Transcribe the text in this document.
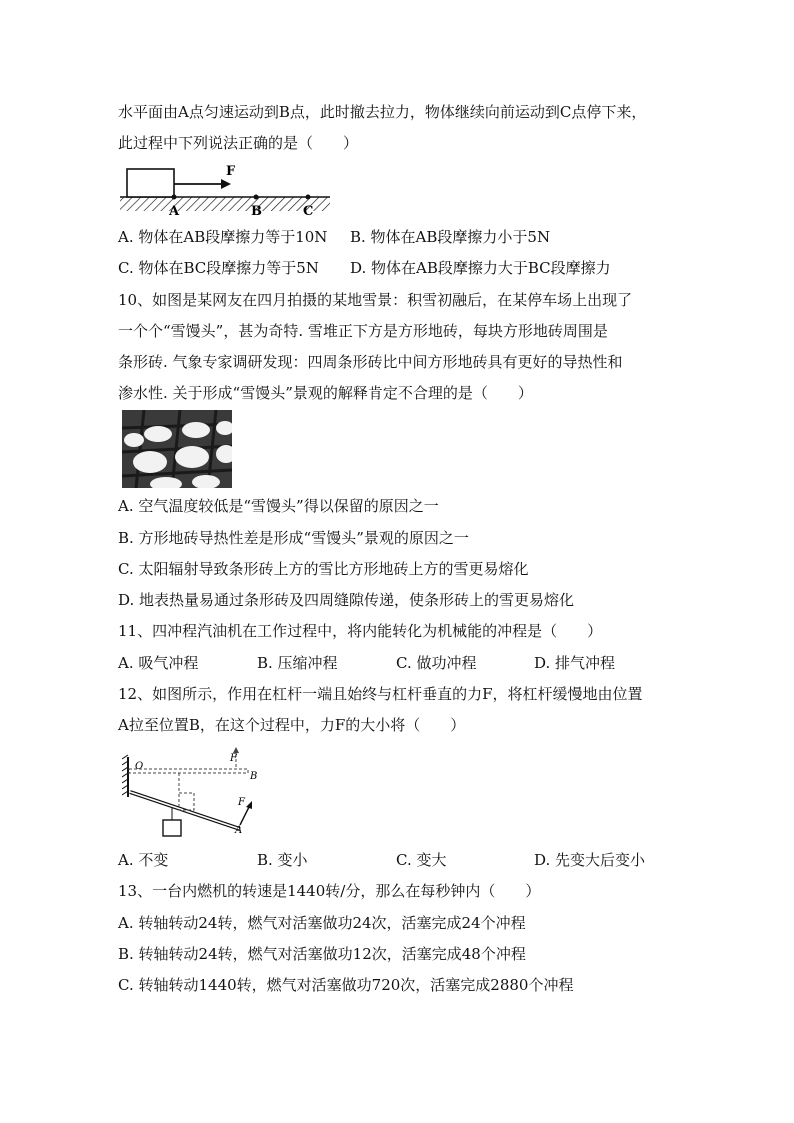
水平面由A点匀速运动到B点，此时撤去拉力，物体继续向前运动到C点停下来，
此过程中下列说法正确的是（　　）
F
A	B	C
A. 物体在AB段摩擦力等于10N B. 物体在AB段摩擦力小于5N
C. 物体在BC段摩擦力等于5N D. 物体在AB段摩擦力大于BC段摩擦力
10、如图是某网友在四月拍摄的某地雪景：积雪初融后，在某停车场上出现了
一个个“雪馒头”，甚为奇特. 雪堆正下方是方形地砖，每块方形地砖周围是
条形砖. 气象专家调研发现：四周条形砖比中间方形地砖具有更好的导热性和
渗水性. 关于形成“雪馒头”景观的解释肯定不合理的是（　　）
A. 空气温度较低是“雪馒头”得以保留的原因之一
B. 方形地砖导热性差是形成“雪馒头”景观的原因之一
C. 太阳辐射导致条形砖上方的雪比方形地砖上方的雪更易熔化
D. 地表热量易通过条形砖及四周缝隙传递，使条形砖上的雪更易熔化
11、四冲程汽油机在工作过程中，将内能转化为机械能的冲程是（　　）
A. 吸气冲程	B. 压缩冲程	C. 做功冲程	D. 排气冲程
12、如图所示，作用在杠杆一端且始终与杠杆垂直的力F，将杠杆缓慢地由位置
A拉至位置B，在这个过程中，力F的大小将（　　）
O
F
B
F
A
A. 不变	B. 变小	C. 变大	D. 先变大后变小
13、一台内燃机的转速是1440转/分，那么在每秒钟内（　　）
A. 转轴转动24转，燃气对活塞做功24次，活塞完成24个冲程
B. 转轴转动24转，燃气对活塞做功12次，活塞完成48个冲程
C. 转轴转动1440转，燃气对活塞做功720次，活塞完成2880个冲程
